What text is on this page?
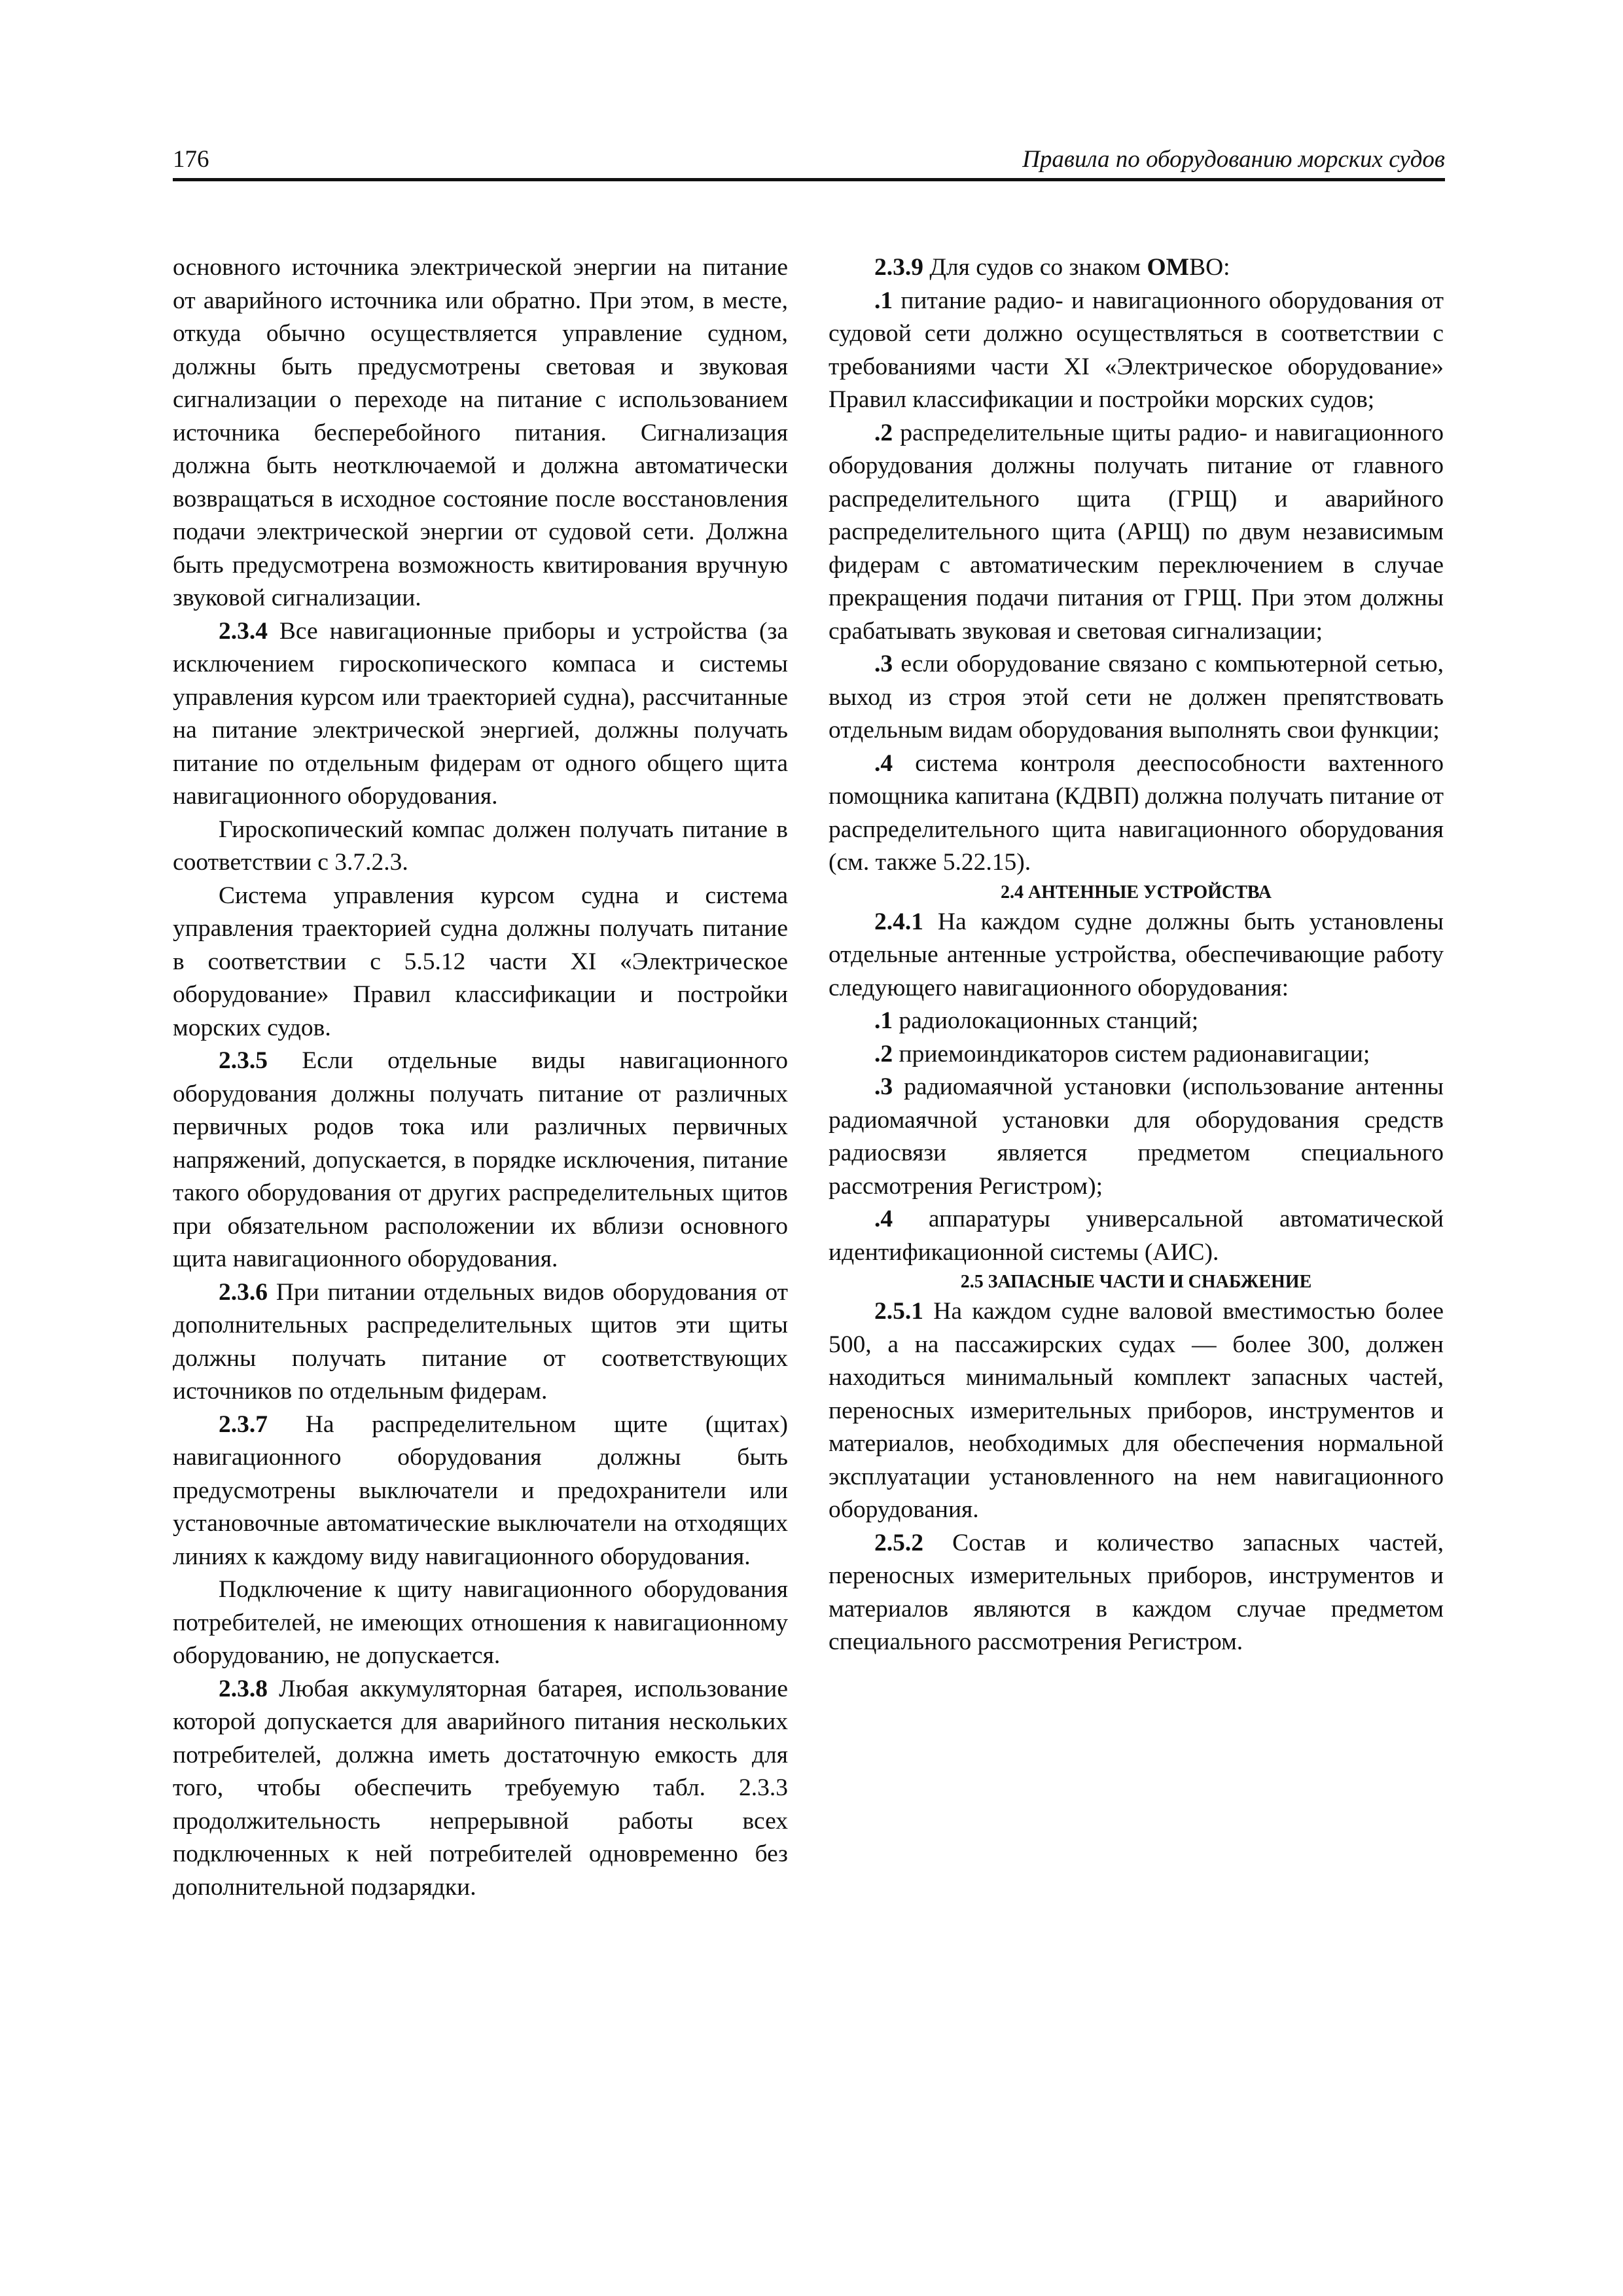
176	Правила по оборудованию морских судов

основного источника электрической энергии на питание от аварийного источника или обратно. При этом, в месте, откуда обычно осуществляется управление судном, должны быть предусмотрены световая и звуковая сигнализации о переходе на питание с использованием источника бесперебойного питания. Сигнализация должна быть неотключаемой и должна автоматически возвращаться в исходное состояние после восстановления подачи электрической энергии от судовой сети. Должна быть предусмотрена возможность квитирования вручную звуковой сигнализации.

2.3.4 Все навигационные приборы и устройства (за исключением гироскопического компаса и системы управления курсом или траекторией судна), рассчитанные на питание электрической энергией, должны получать питание по отдельным фидерам от одного общего щита навигационного оборудования.

Гироскопический компас должен получать питание в соответствии с 3.7.2.3.

Система управления курсом судна и система управления траекторией судна должны получать питание в соответствии с 5.5.12 части XI «Электрическое оборудование» Правил классификации и постройки морских судов.

2.3.5 Если отдельные виды навигационного оборудования должны получать питание от различных первичных родов тока или различных первичных напряжений, допускается, в порядке исключения, питание такого оборудования от других распределительных щитов при обязательном расположении их вблизи основного щита навигационного оборудования.

2.3.6 При питании отдельных видов оборудования от дополнительных распределительных щитов эти щиты должны получать питание от соответствующих источников по отдельным фидерам.

2.3.7 На распределительном щите (щитах) навигационного оборудования должны быть предусмотрены выключатели и предохранители или установочные автоматические выключатели на отходящих линиях к каждому виду навигационного оборудования.

Подключение к щиту навигационного оборудования потребителей, не имеющих отношения к навигационному оборудованию, не допускается.

2.3.8 Любая аккумуляторная батарея, использование которой допускается для аварийного питания нескольких потребителей, должна иметь достаточную емкость для того, чтобы обеспечить требуемую табл. 2.3.3 продолжительность непрерывной работы всех подключенных к ней потребителей одновременно без дополнительной подзарядки.

2.3.9 Для судов со знаком ОМВО:

.1 питание радио- и навигационного оборудования от судовой сети должно осуществляться в соответствии с требованиями части XI «Электрическое оборудование» Правил классификации и постройки морских судов;

.2 распределительные щиты радио- и навигационного оборудования должны получать питание от главного распределительного щита (ГРЩ) и аварийного распределительного щита (АРЩ) по двум независимым фидерам с автоматическим переключением в случае прекращения подачи питания от ГРЩ. При этом должны срабатывать звуковая и световая сигнализации;

.3 если оборудование связано с компьютерной сетью, выход из строя этой сети не должен препятствовать отдельным видам оборудования выполнять свои функции;

.4 система контроля дееспособности вахтенного помощника капитана (КДВП) должна получать питание от распределительного щита навигационного оборудования (см. также 5.22.15).

2.4 АНТЕННЫЕ УСТРОЙСТВА

2.4.1 На каждом судне должны быть установлены отдельные антенные устройства, обеспечивающие работу следующего навигационного оборудования:

.1 радиолокационных станций;

.2 приемоиндикаторов систем радионавигации;

.3 радиомаячной установки (использование антенны радиомаячной установки для оборудования средств радиосвязи является предметом специального рассмотрения Регистром);

.4 аппаратуры универсальной автоматической идентификационной системы (АИС).

2.5 ЗАПАСНЫЕ ЧАСТИ И СНАБЖЕНИЕ

2.5.1 На каждом судне валовой вместимостью более 500, а на пассажирских судах — более 300, должен находиться минимальный комплект запасных частей, переносных измерительных приборов, инструментов и материалов, необходимых для обеспечения нормальной эксплуатации установленного на нем навигационного оборудования.

2.5.2 Состав и количество запасных частей, переносных измерительных приборов, инструментов и материалов являются в каждом случае предметом специального рассмотрения Регистром.
